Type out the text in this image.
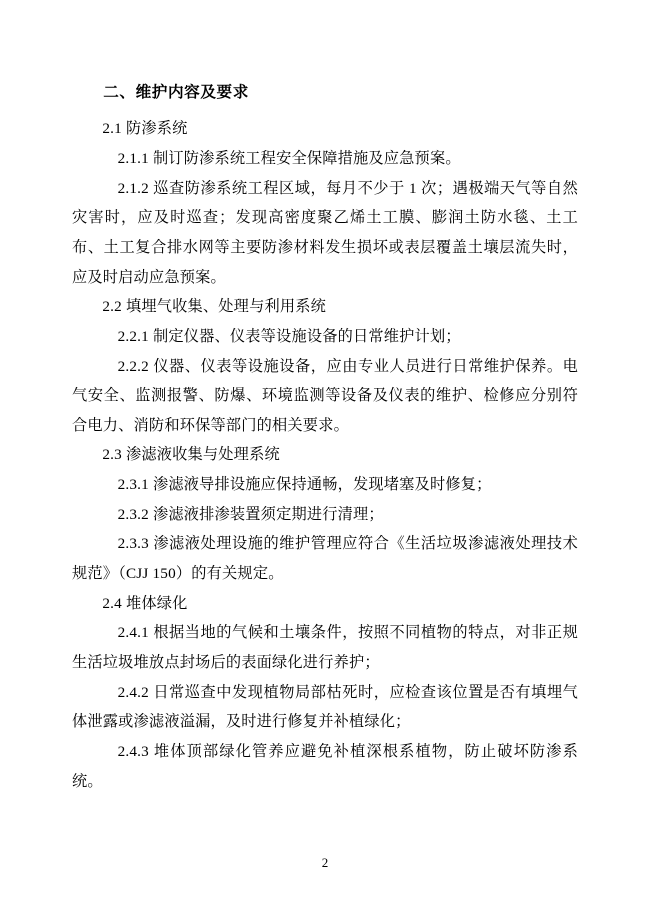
二、维护内容及要求

2.1 防渗系统

2.1.1 制订防渗系统工程安全保障措施及应急预案。

2.1.2 巡查防渗系统工程区域，每月不少于 1 次；遇极端天气等自然灾害时，应及时巡查；发现高密度聚乙烯土工膜、膨润土防水毯、土工布、土工复合排水网等主要防渗材料发生损坏或表层覆盖土壤层流失时，应及时启动应急预案。

2.2 填埋气收集、处理与利用系统

2.2.1 制定仪器、仪表等设施设备的日常维护计划；

2.2.2 仪器、仪表等设施设备，应由专业人员进行日常维护保养。电气安全、监测报警、防爆、环境监测等设备及仪表的维护、检修应分别符合电力、消防和环保等部门的相关要求。

2.3 渗滤液收集与处理系统

2.3.1 渗滤液导排设施应保持通畅，发现堵塞及时修复；

2.3.2 渗滤液排渗装置须定期进行清理；

2.3.3 渗滤液处理设施的维护管理应符合《生活垃圾渗滤液处理技术规范》（CJJ 150）的有关规定。

2.4 堆体绿化

2.4.1 根据当地的气候和土壤条件，按照不同植物的特点，对非正规生活垃圾堆放点封场后的表面绿化进行养护；

2.4.2 日常巡查中发现植物局部枯死时，应检查该位置是否有填埋气体泄露或渗滤液溢漏，及时进行修复并补植绿化；

2.4.3 堆体顶部绿化管养应避免补植深根系植物，防止破坏防渗系统。

2
